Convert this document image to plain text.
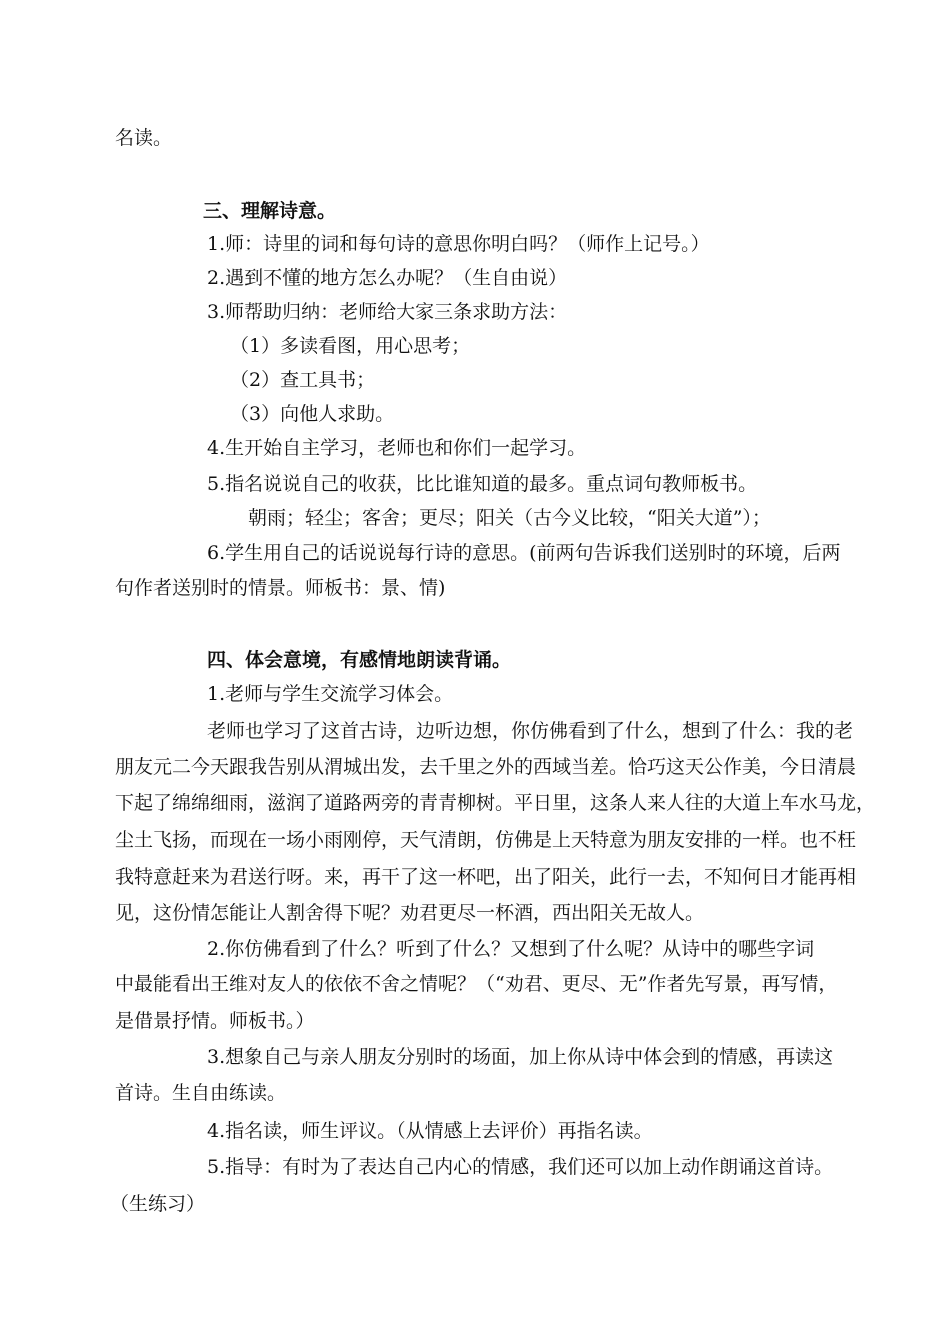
名读。
三、理解诗意。
1.师：诗里的词和每句诗的意思你明白吗？（师作上记号。）
2.遇到不懂的地方怎么办呢？（生自由说）
3.师帮助归纳：老师给大家三条求助方法：
（1）多读看图，用心思考；
（2）查工具书；
（3）向他人求助。
4.生开始自主学习，老师也和你们一起学习。
5.指名说说自己的收获，比比谁知道的最多。重点词句教师板书。
朝雨；轻尘；客舍；更尽；阳关（古今义比较，“阳关大道”）；
6.学生用自己的话说说每行诗的意思。(前两句告诉我们送别时的环境，后两
句作者送别时的情景。师板书：景、情)
四、体会意境，有感情地朗读背诵。
1.老师与学生交流学习体会。
老师也学习了这首古诗，边听边想，你仿佛看到了什么，想到了什么：我的老
朋友元二今天跟我告别从渭城出发，去千里之外的西域当差。恰巧这天公作美，今日清晨
下起了绵绵细雨，滋润了道路两旁的青青柳树。平日里，这条人来人往的大道上车水马龙，
尘土飞扬，而现在一场小雨刚停，天气清朗，仿佛是上天特意为朋友安排的一样。也不枉
我特意赶来为君送行呀。来，再干了这一杯吧，出了阳关，此行一去，不知何日才能再相
见，这份情怎能让人割舍得下呢？劝君更尽一杯酒，西出阳关无故人。
2.你仿佛看到了什么？听到了什么？又想到了什么呢？从诗中的哪些字词
中最能看出王维对友人的依依不舍之情呢？（“劝君、更尽、无”作者先写景，再写情，
是借景抒情。师板书。）
3.想象自己与亲人朋友分别时的场面，加上你从诗中体会到的情感，再读这
首诗。生自由练读。
4.指名读，师生评议。（从情感上去评价）再指名读。
5.指导：有时为了表达自己内心的情感，我们还可以加上动作朗诵这首诗。
（生练习）
